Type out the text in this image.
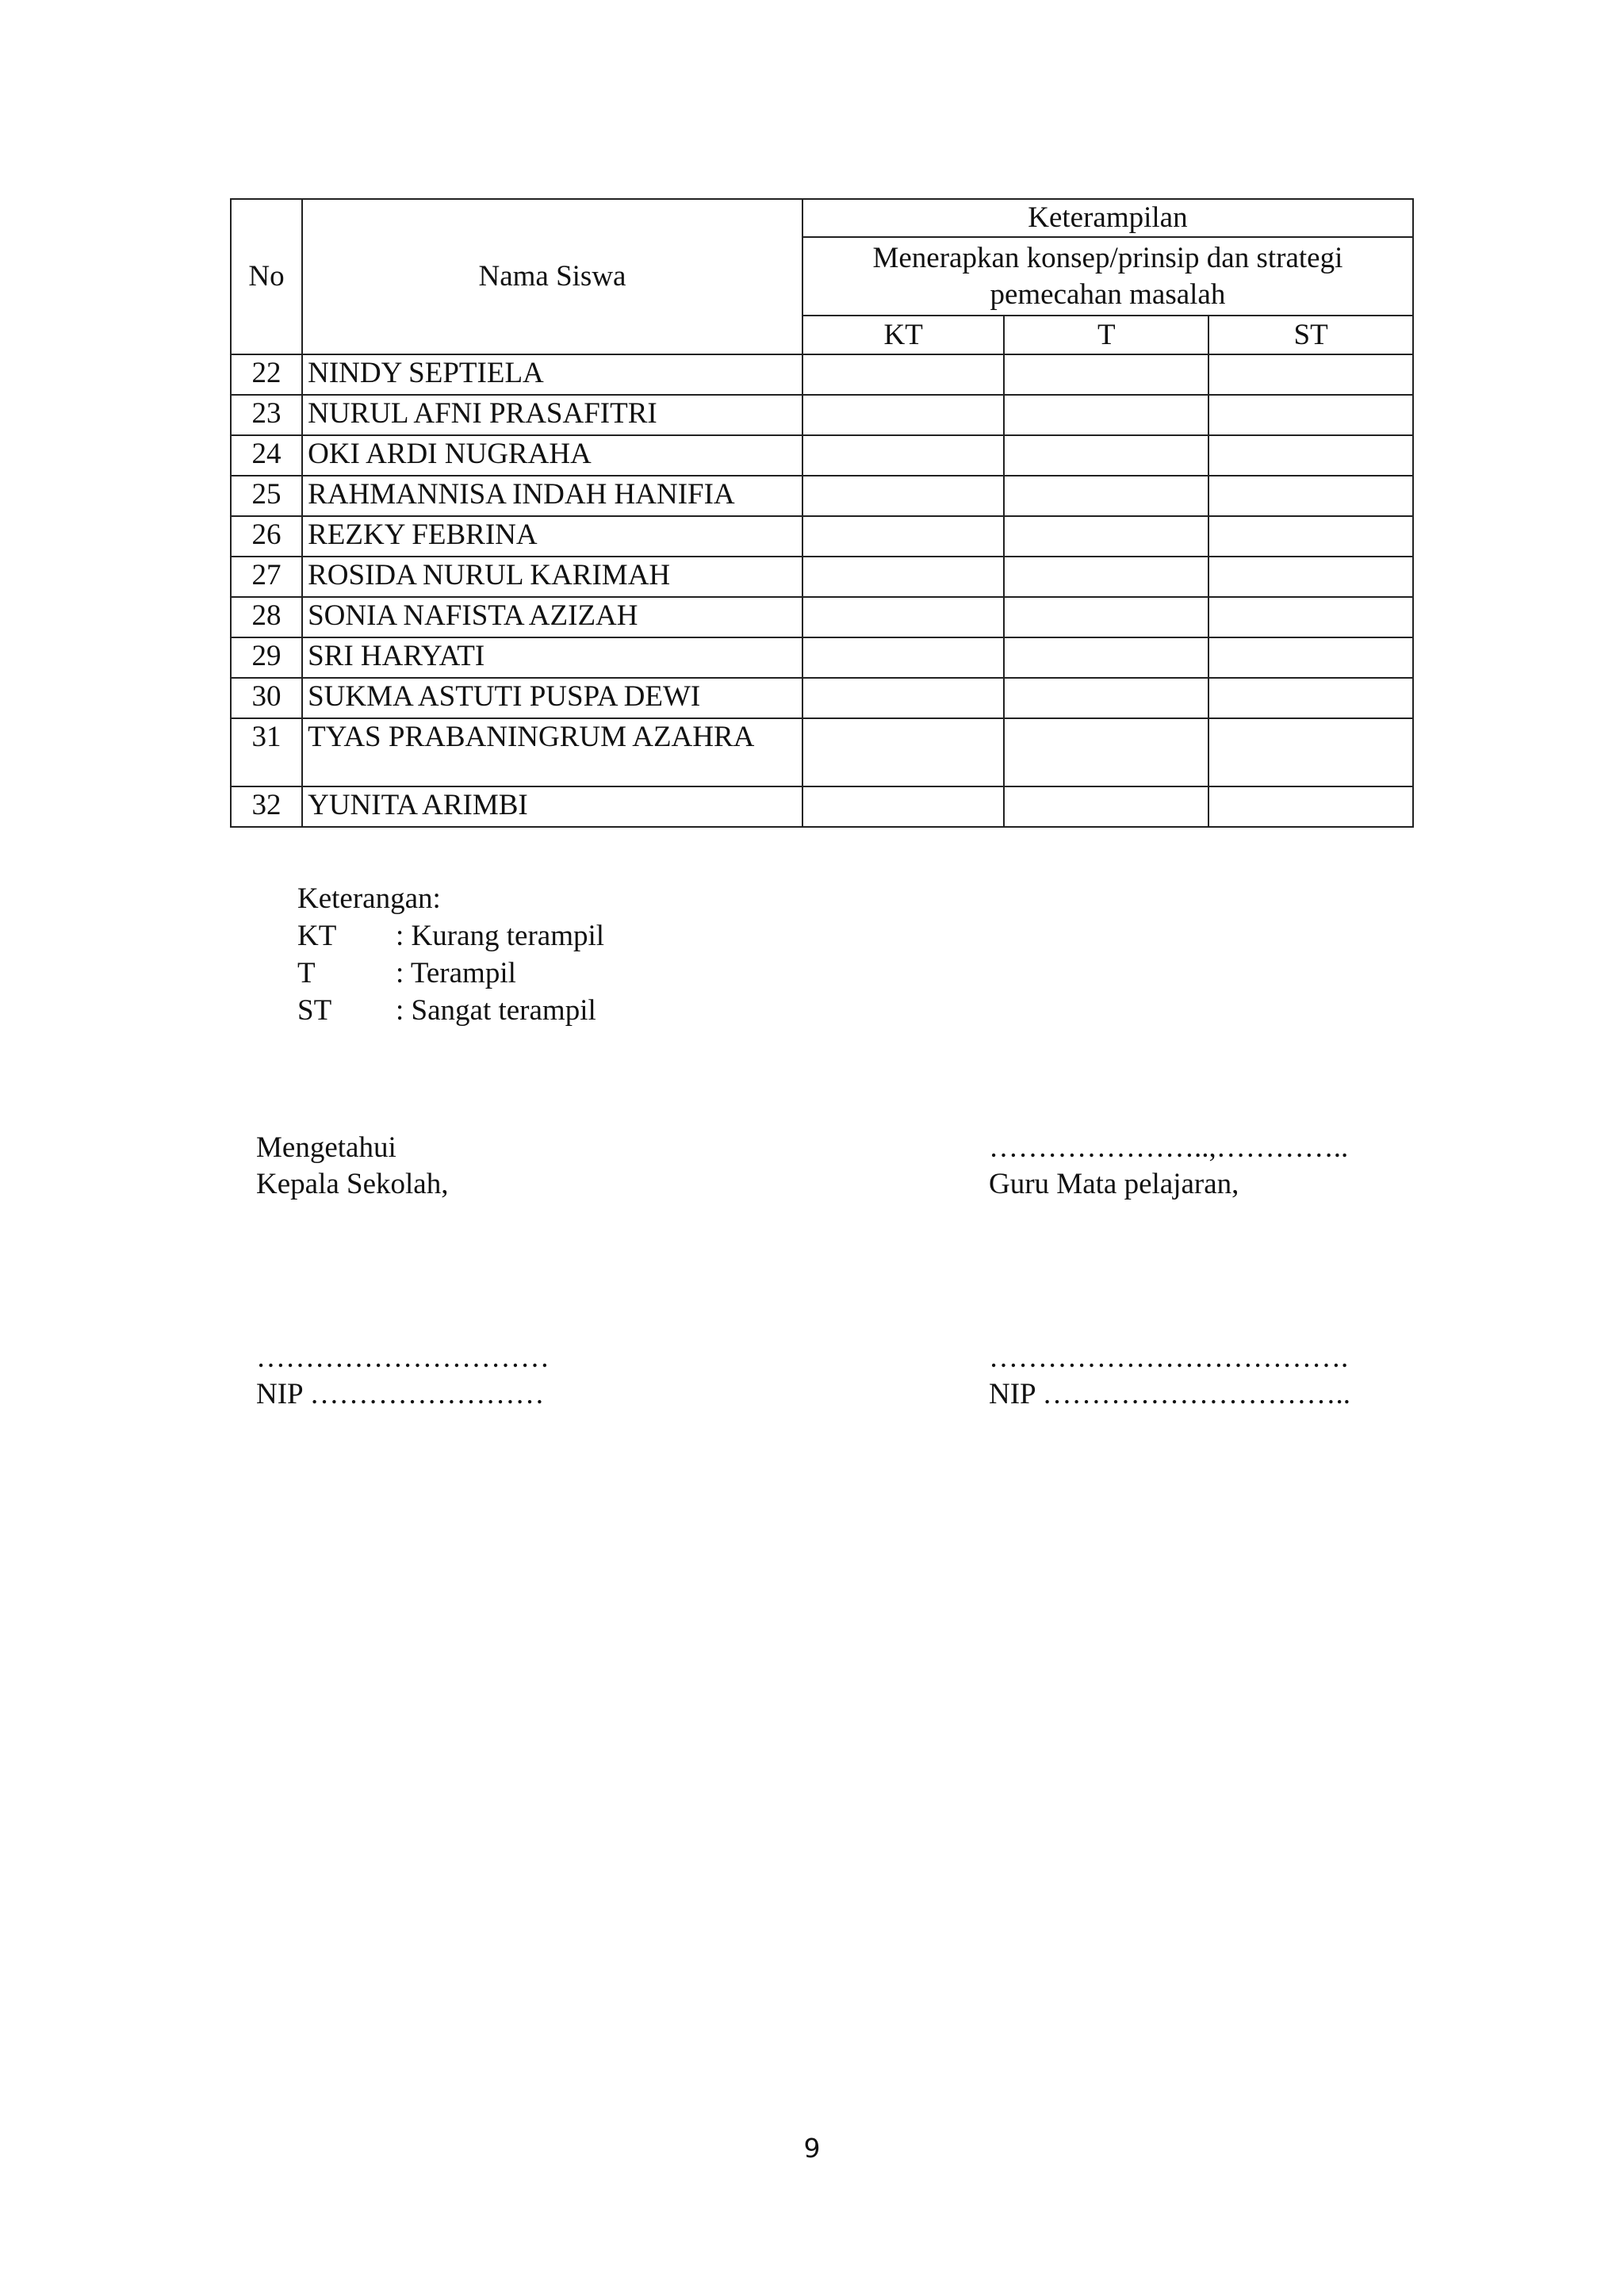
No	Nama Siswa	Keterampilan		
		Menerapkan konsep/prinsip dan strategi pemecahan masalah		
		KT	T	ST
22	NINDY SEPTIELA			
23	NURUL AFNI PRASAFITRI			
24	OKI ARDI NUGRAHA			
25	RAHMANNISA INDAH HANIFIA			
26	REZKY FEBRINA			
27	ROSIDA NURUL KARIMAH			
28	SONIA NAFISTA AZIZAH			
29	SRI HARYATI			
30	SUKMA ASTUTI PUSPA DEWI			
31	TYAS PRABANINGRUM AZAHRA			
32	YUNITA ARIMBI			
Keterangan:
KT	: Kurang terampil
T	: Terampil
ST	: Sangat terampil
Mengetahui
Kepala Sekolah,
…………………..,…………..
Guru Mata pelajaran,
…………………………
NIP ……………………
……………………………….
NIP …………………………..
9
